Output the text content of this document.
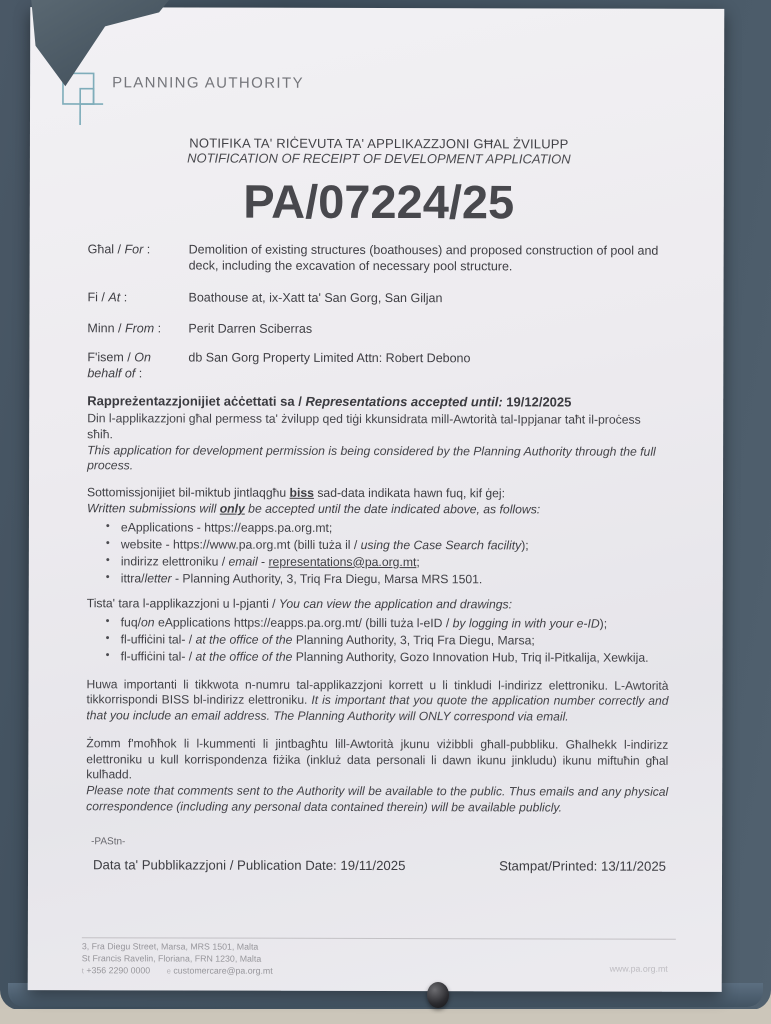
PLANNING AUTHORITY
NOTIFIKA TA' RIĊEVUTA TA' APPLIKAZZJONI GĦAL ŻVILUPP
NOTIFICATION OF RECEIPT OF DEVELOPMENT APPLICATION
PA/07224/25
Għal / For :	Demolition of existing structures (boathouses) and proposed construction of pool and deck, including the excavation of necessary pool structure.
Fi / At :	Boathouse at, ix-Xatt ta' San Gorg, San Giljan
Minn / From :	Perit Darren Sciberras
F'isem / On behalf of :
db San Gorg Property Limited Attn: Robert Debono
Rappreżentazzjonijiet aċċettati sa / Representations accepted until: 19/12/2025
Din l-applikazzjoni għal permess ta' żvilupp qed tiġi kkunsidrata mill-Awtorità tal-Ippjanar taħt il-proċess sħiħ.
This application for development permission is being considered by the Planning Authority through the full process.
Sottomissjonijiet bil-miktub jintlaqgħu biss sad-data indikata hawn fuq, kif ġej:
Written submissions will only be accepted until the date indicated above, as follows:
• eApplications - https://eapps.pa.org.mt;
• website - https://www.pa.org.mt (billi tuża il / using the Case Search facility);
• indirizz elettroniku / email - representations@pa.org.mt;
• ittra/letter - Planning Authority, 3, Triq Fra Diegu, Marsa MRS 1501.
Tista' tara l-applikazzjoni u l-pjanti / You can view the application and drawings:
• fuq/on eApplications https://eapps.pa.org.mt/ (billi tuża l-eID / by logging in with your e-ID);
• fl-uffiċini tal- / at the office of the Planning Authority, 3, Triq Fra Diegu, Marsa;
• fl-uffiċini tal- / at the office of the Planning Authority, Gozo Innovation Hub, Triq il-Pitkalija, Xewkija.

Huwa importanti li tikkwota n-numru tal-applikazzjoni korrett u li tinkludi l-indirizz elettroniku. L-Awtorità tikkorrispondi BISS bl-indirizz elettroniku. It is important that you quote the application number correctly and that you include an email address. The Planning Authority will ONLY correspond via email.

Żomm f'moħħok li l-kummenti li jintbagħtu lill-Awtorità jkunu viżibbli għall-pubbliku. Għalhekk l-indirizz elettroniku u kull korrispondenza fiżika (inkluż data personali li dawn ikunu jinkludu) ikunu miftuħin għal kulħadd.
Please note that comments sent to the Authority will be available to the public. Thus emails and any physical correspondence (including any personal data contained therein) will be available publicly.

-PAStn-
Data ta' Pubblikazzjoni / Publication Date: 19/11/2025	Stampat/Printed: 13/11/2025
3, Fra Diegu Street, Marsa, MRS 1501, Malta
St Francis Ravelin, Floriana, FRN 1230, Malta
t +356 2290 0000 e customercare@pa.org.mt	www.pa.org.mt
